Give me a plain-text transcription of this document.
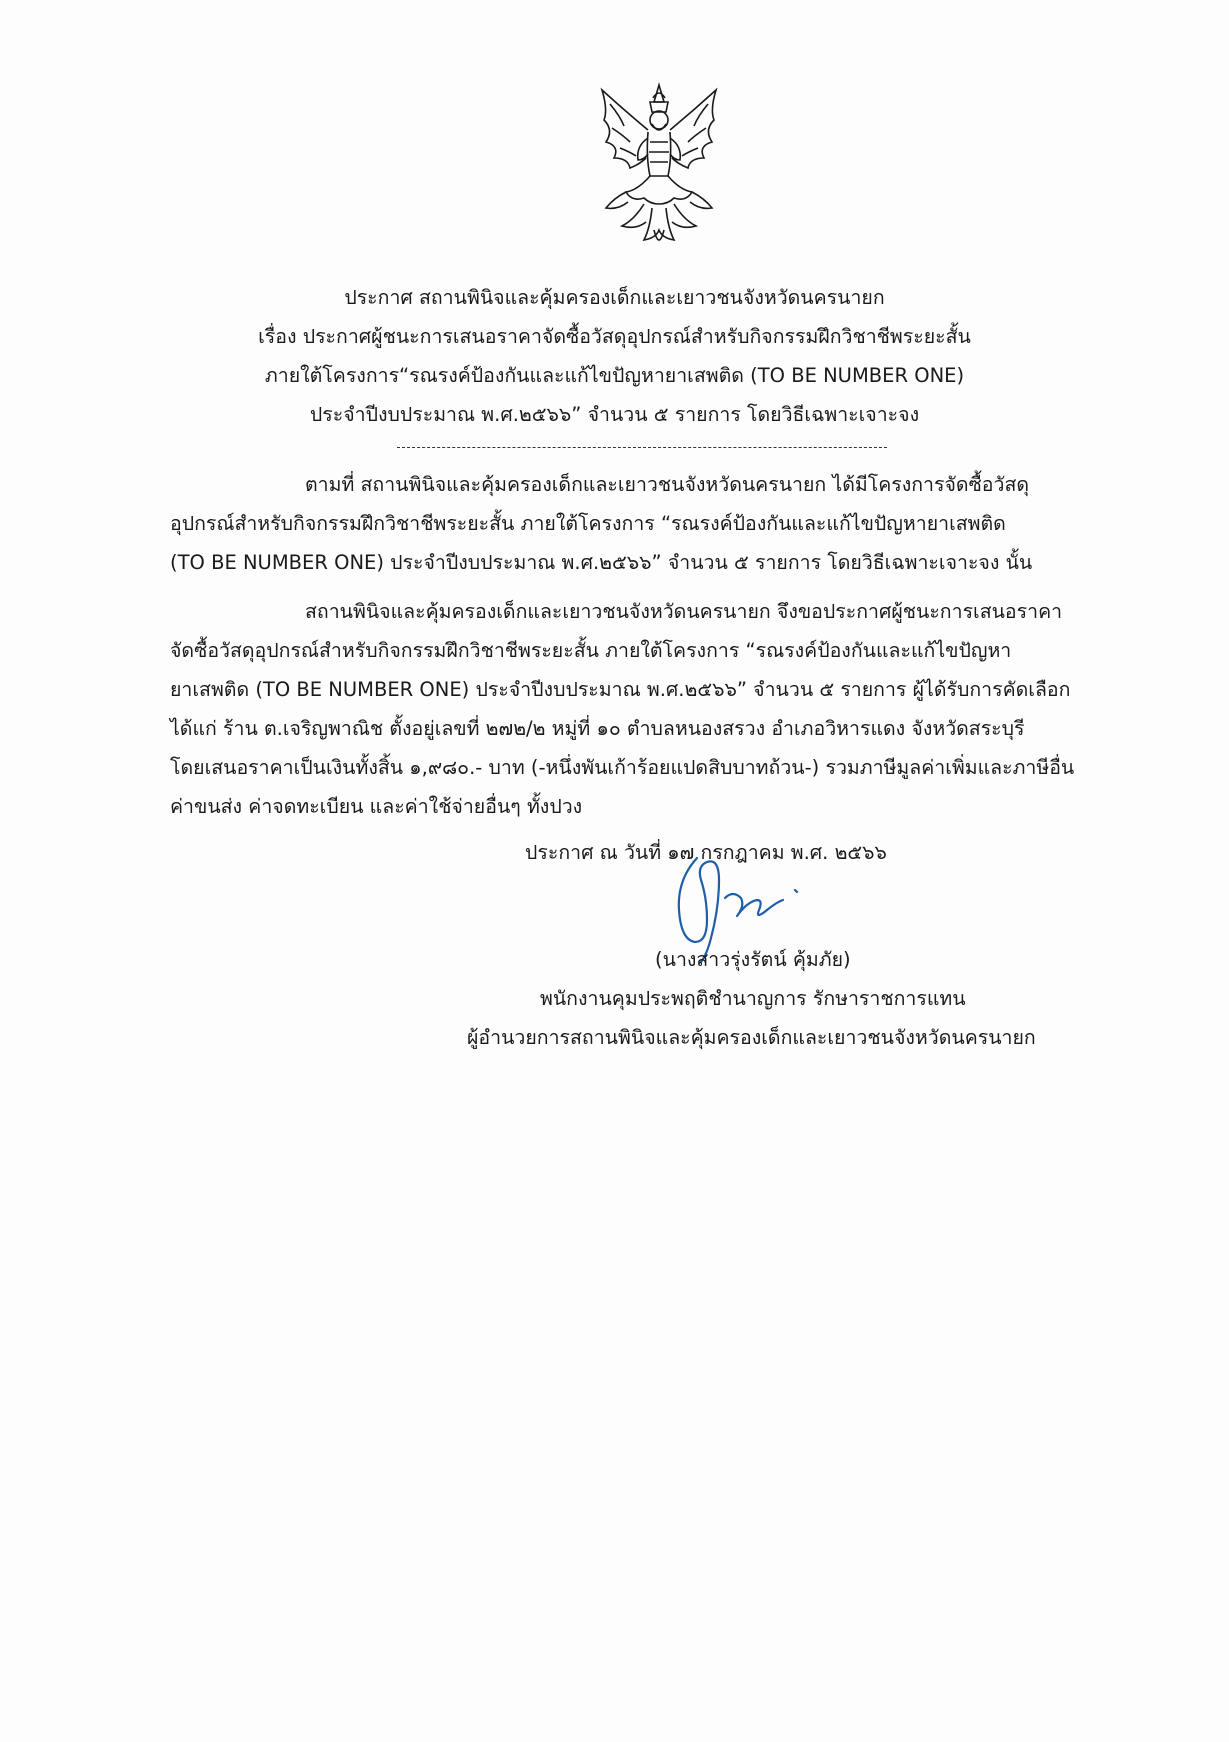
ประกาศ สถานพินิจและคุ้มครองเด็กและเยาวชนจังหวัดนครนายก
เรื่อง ประกาศผู้ชนะการเสนอราคาจัดซื้อวัสดุอุปกรณ์สำหรับกิจกรรมฝึกวิชาชีพระยะสั้น
ภายใต้โครงการ“รณรงค์ป้องกันและแก้ไขปัญหายาเสพติด (TO BE NUMBER ONE)
ประจำปีงบประมาณ พ.ศ.๒๕๖๖” จำนวน ๕ รายการ โดยวิธีเฉพาะเจาะจง
ตามที่ สถานพินิจและคุ้มครองเด็กและเยาวชนจังหวัดนครนายก ได้มีโครงการจัดซื้อวัสดุ
อุปกรณ์สำหรับกิจกรรมฝึกวิชาชีพระยะสั้น ภายใต้โครงการ “รณรงค์ป้องกันและแก้ไขปัญหายาเสพติด
(TO BE NUMBER ONE) ประจำปีงบประมาณ พ.ศ.๒๕๖๖” จำนวน ๕ รายการ โดยวิธีเฉพาะเจาะจง นั้น
สถานพินิจและคุ้มครองเด็กและเยาวชนจังหวัดนครนายก จึงขอประกาศผู้ชนะการเสนอราคา
จัดซื้อวัสดุอุปกรณ์สำหรับกิจกรรมฝึกวิชาชีพระยะสั้น ภายใต้โครงการ “รณรงค์ป้องกันและแก้ไขปัญหา
ยาเสพติด (TO BE NUMBER ONE) ประจำปีงบประมาณ พ.ศ.๒๕๖๖” จำนวน ๕ รายการ ผู้ได้รับการคัดเลือก
ได้แก่ ร้าน ต.เจริญพาณิช ตั้งอยู่เลขที่ ๒๗๒/๒ หมู่ที่ ๑๐ ตำบลหนองสรวง อำเภอวิหารแดง จังหวัดสระบุรี
โดยเสนอราคาเป็นเงินทั้งสิ้น ๑,๙๘๐.- บาท (-หนึ่งพันเก้าร้อยแปดสิบบาทถ้วน-) รวมภาษีมูลค่าเพิ่มและภาษีอื่น
ค่าขนส่ง ค่าจดทะเบียน และค่าใช้จ่ายอื่นๆ ทั้งปวง
ประกาศ ณ วันที่ ๑๗ กรกฎาคม พ.ศ. ๒๕๖๖
(นางสาวรุ่งรัตน์ คุ้มภัย)
พนักงานคุมประพฤติชำนาญการ รักษาราชการแทน
ผู้อำนวยการสถานพินิจและคุ้มครองเด็กและเยาวชนจังหวัดนครนายก
